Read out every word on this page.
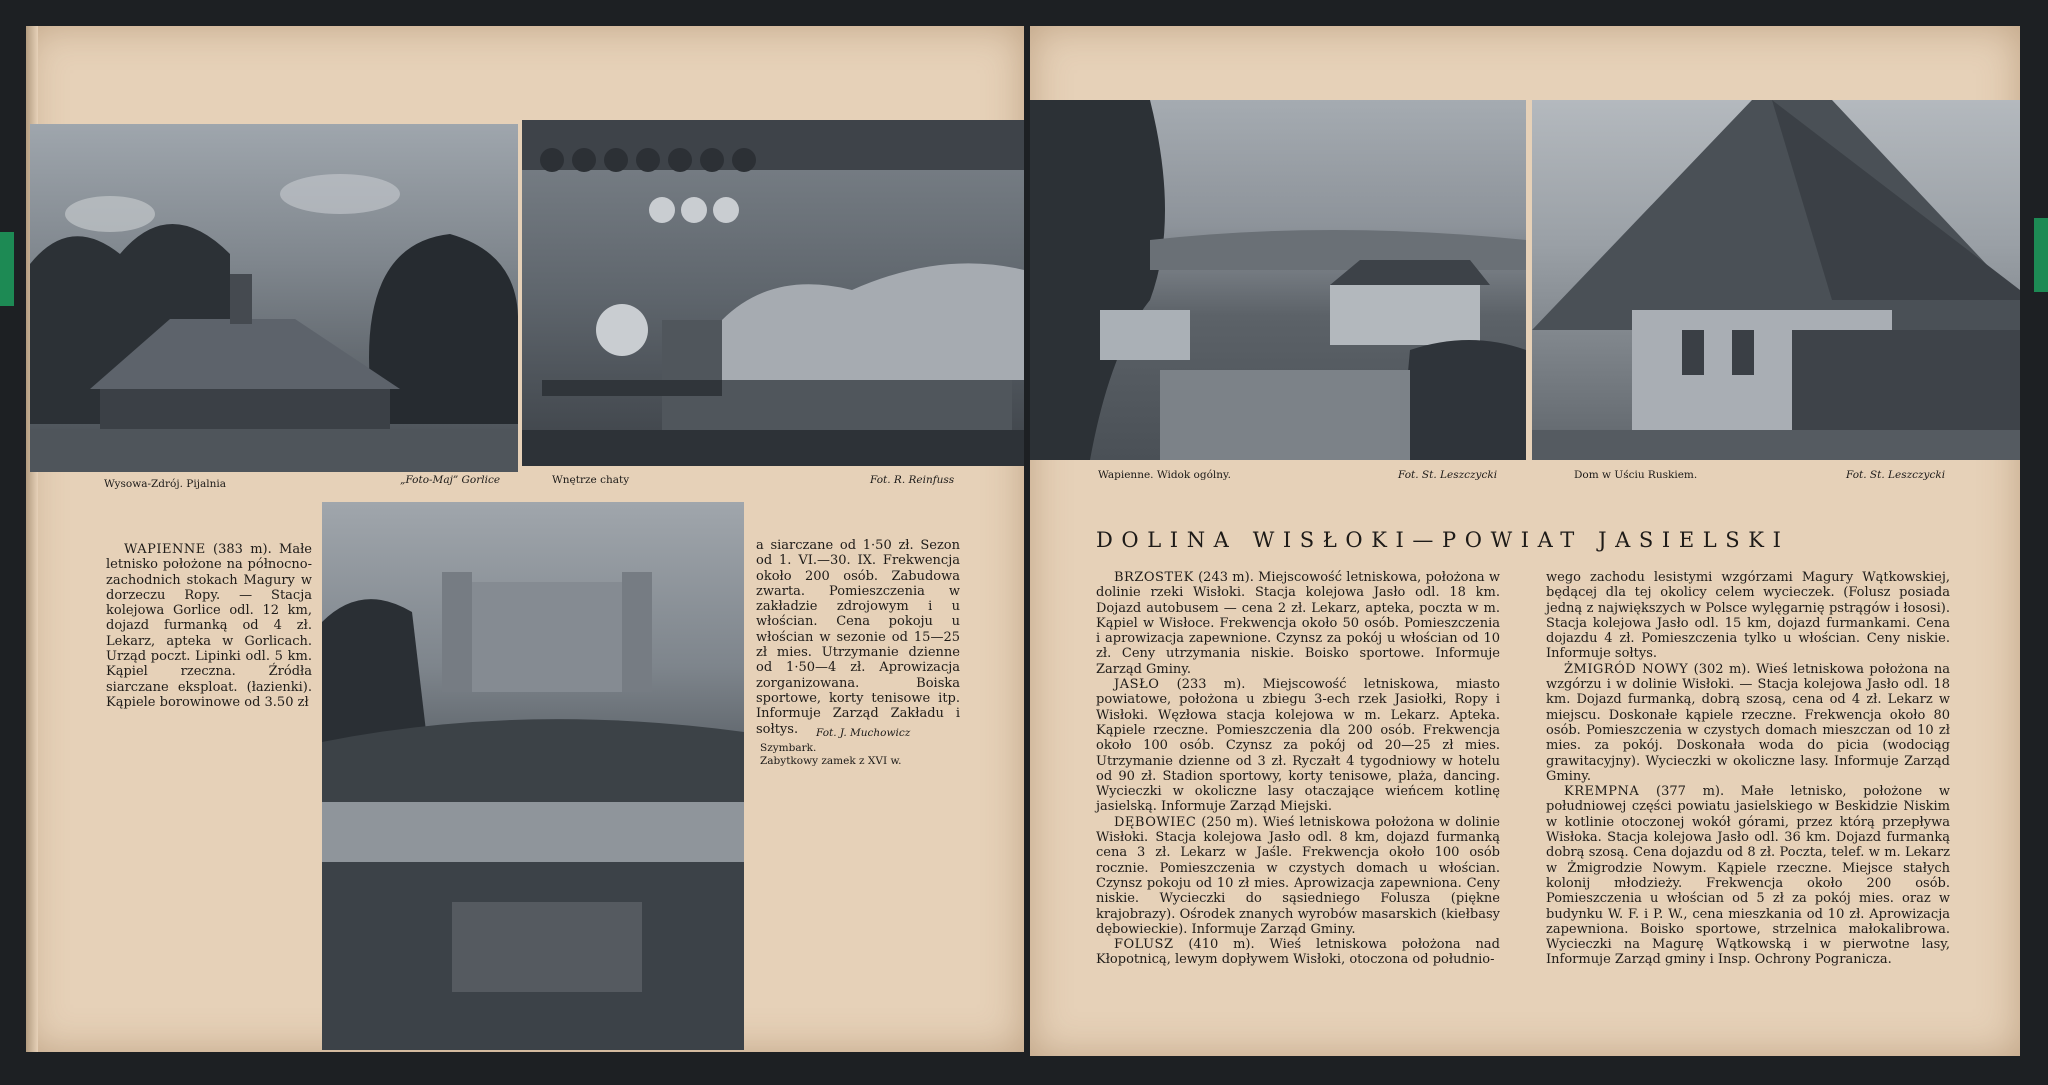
Wysowa-Zdrój. Pijalnia	„Foto-Maj” Gorlice	Wnętrze chaty	Fot. R. Reinfuss

WAPIENNE (383 m). Małe letnisko położone na północno-zachodnich stokach Magury w dorzeczu Ropy. — Stacja kolejowa Gorlice odl. 12 km, dojazd furmanką od 4 zł. Lekarz, apteka w Gorlicach. Urząd poczt. Lipinki odl. 5 km. Kąpiel rzeczna. Źródła siarczane eksploat. (łazienki). Kąpiele borowinowe od 3.50 zł

a siarczane od 1·50 zł. Sezon od 1. VI.—30. IX. Frekwencja około 200 osób. Zabudowa zwarta. Pomieszczenia w zakładzie zdrojowym i u włościan. Cena pokoju u włościan w sezonie od 15—25 zł mies. Utrzymanie dzienne od 1·50—4 zł. Aprowizacja zorganizowana. Boiska sportowe, korty tenisowe itp. Informuje Zarząd Zakładu i sołtys.	Fot. J. Muchowicz
Szymbark.
Zabytkowy zamek z XVI w.
Wapienne. Widok ogólny.	Fot. St. Leszczycki	Dom w Uściu Ruskiem.	Fot. St. Leszczycki
DOLINA WISŁOKI—POWIAT JASIELSKI

BRZOSTEK (243 m). Miejscowość letniskowa, położona w dolinie rzeki Wisłoki. Stacja kolejowa Jasło odl. 18 km. Dojazd autobusem — cena 2 zł. Lekarz, apteka, poczta w m. Kąpiel w Wisłoce. Frekwencja około 50 osób. Pomieszczenia i aprowizacja zapewnione. Czynsz za pokój u włościan od 10 zł. Ceny utrzymania niskie. Boisko sportowe. Informuje Zarząd Gminy.

JASŁO (233 m). Miejscowość letniskowa, miasto powiatowe, położona u zbiegu 3-ech rzek Jasiołki, Ropy i Wisłoki. Węzłowa stacja kolejowa w m. Lekarz. Apteka. Kąpiele rzeczne. Pomieszczenia dla 200 osób. Frekwencja około 100 osób. Czynsz za pokój od 20—25 zł mies. Utrzymanie dzienne od 3 zł. Ryczałt 4 tygodniowy w hotelu od 90 zł. Stadion sportowy, korty tenisowe, plaża, dancing. Wycieczki w okoliczne lasy otaczające wieńcem kotlinę jasielską. Informuje Zarząd Miejski.

DĘBOWIEC (250 m). Wieś letniskowa położona w dolinie Wisłoki. Stacja kolejowa Jasło odl. 8 km, dojazd furmanką cena 3 zł. Lekarz w Jaśle. Frekwencja około 100 osób rocznie. Pomieszczenia w czystych domach u włościan. Czynsz pokoju od 10 zł mies. Aprowizacja zapewniona. Ceny niskie. Wycieczki do sąsiedniego Folusza (piękne krajobrazy). Ośrodek znanych wyrobów masarskich (kiełbasy dębowieckie). Informuje Zarząd Gminy.

FOLUSZ (410 m). Wieś letniskowa położona nad Kłopotnicą, lewym dopływem Wisłoki, otoczona od południo-

wego zachodu lesistymi wzgórzami Magury Wątkowskiej, będącej dla tej okolicy celem wycieczek. (Folusz posiada jedną z największych w Polsce wylęgarnię pstrągów i łososi). Stacja kolejowa Jasło odl. 15 km, dojazd furmankami. Cena dojazdu 4 zł. Pomieszczenia tylko u włościan. Ceny niskie. Informuje sołtys.

ŻMIGRÓD NOWY (302 m). Wieś letniskowa położona na wzgórzu i w dolinie Wisłoki. — Stacja kolejowa Jasło odl. 18 km. Dojazd furmanką, dobrą szosą, cena od 4 zł. Lekarz w miejscu. Doskonałe kąpiele rzeczne. Frekwencja około 80 osób. Pomieszczenia w czystych domach mieszczan od 10 zł mies. za pokój. Doskonała woda do picia (wodociąg grawitacyjny). Wycieczki w okoliczne lasy. Informuje Zarząd Gminy.

KREMPNA (377 m). Małe letnisko, położone w południowej części powiatu jasielskiego w Beskidzie Niskim w kotlinie otoczonej wokół górami, przez którą przepływa Wisłoka. Stacja kolejowa Jasło odl. 36 km. Dojazd furmanką dobrą szosą. Cena dojazdu od 8 zł. Poczta, telef. w m. Lekarz w Żmigrodzie Nowym. Kąpiele rzeczne. Miejsce stałych kolonij młodzieży. Frekwencja około 200 osób. Pomieszczenia u włościan od 5 zł za pokój mies. oraz w budynku W. F. i P. W., cena mieszkania od 10 zł. Aprowizacja zapewniona. Boisko sportowe, strzelnica małokalibrowa. Wycieczki na Magurę Wątkowską i w pierwotne lasy, Informuje Zarząd gminy i Insp. Ochrony Pogranicza.
